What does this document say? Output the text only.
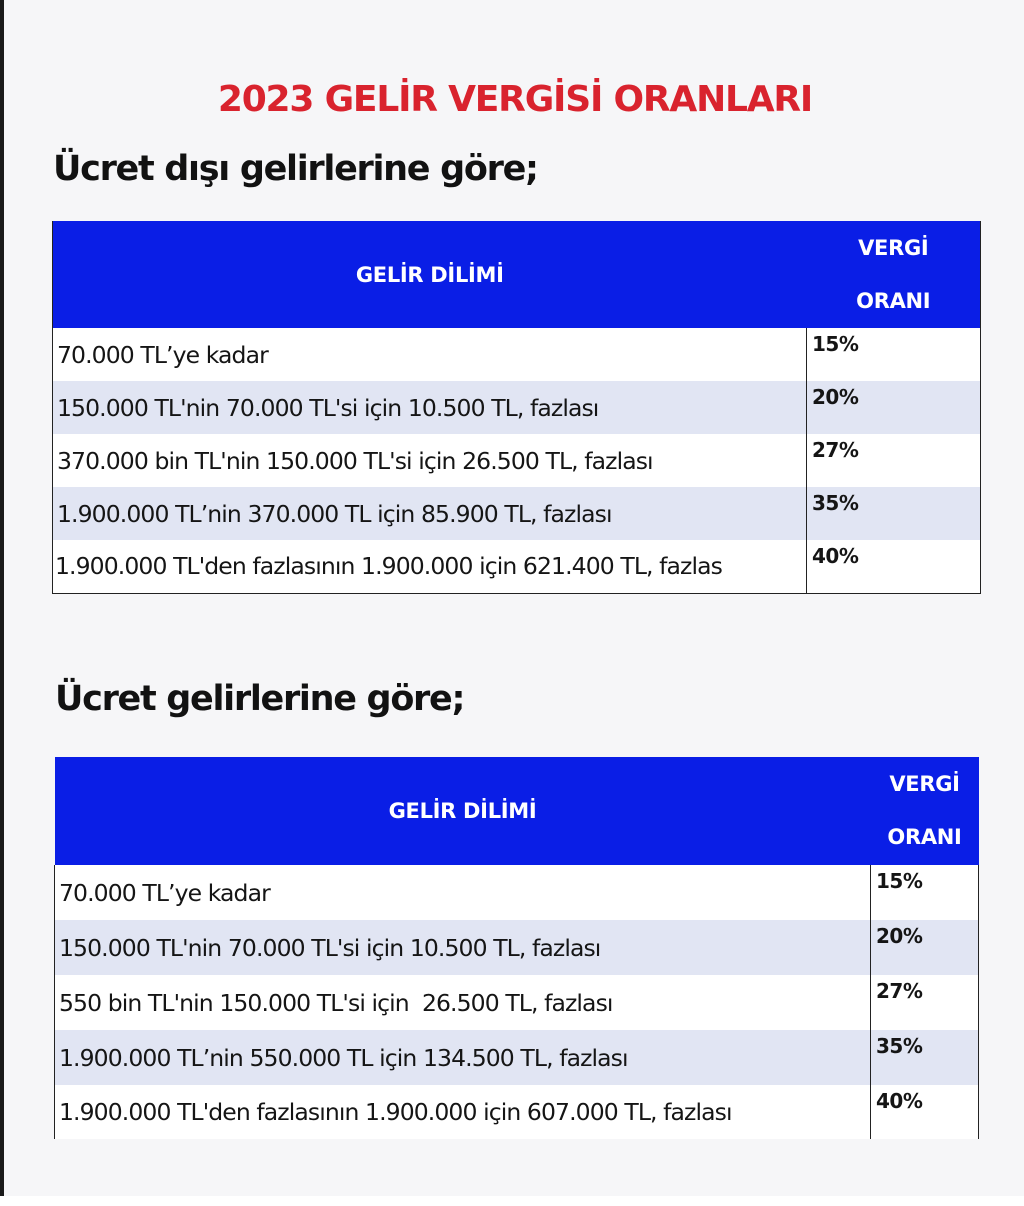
2023 GELİR VERGİSİ ORANLARI
Ücret dışı gelirlerine göre;
GELİR DİLİMİ	VERGİ
ORANI

70.000 TL’ye kadar	15%
150.000 TL'nin 70.000 TL'si için 10.500 TL, fazlası	20%
370.000 bin TL'nin 150.000 TL'si için 26.500 TL, fazlası	27%
1.900.000 TL’nin 370.000 TL için 85.900 TL, fazlası	35%
1.900.000 TL'den fazlasının 1.900.000 için 621.400 TL, fazlas	40%
Ücret gelirlerine göre;
GELİR DİLİMİ	VERGİ
ORANI

70.000 TL’ye kadar	15%
150.000 TL'nin 70.000 TL'si için 10.500 TL, fazlası	20%
550 bin TL'nin 150.000 TL'si için  26.500 TL, fazlası	27%
1.900.000 TL’nin 550.000 TL için 134.500 TL, fazlası	35%
1.900.000 TL'den fazlasının 1.900.000 için 607.000 TL, fazlası	40%
